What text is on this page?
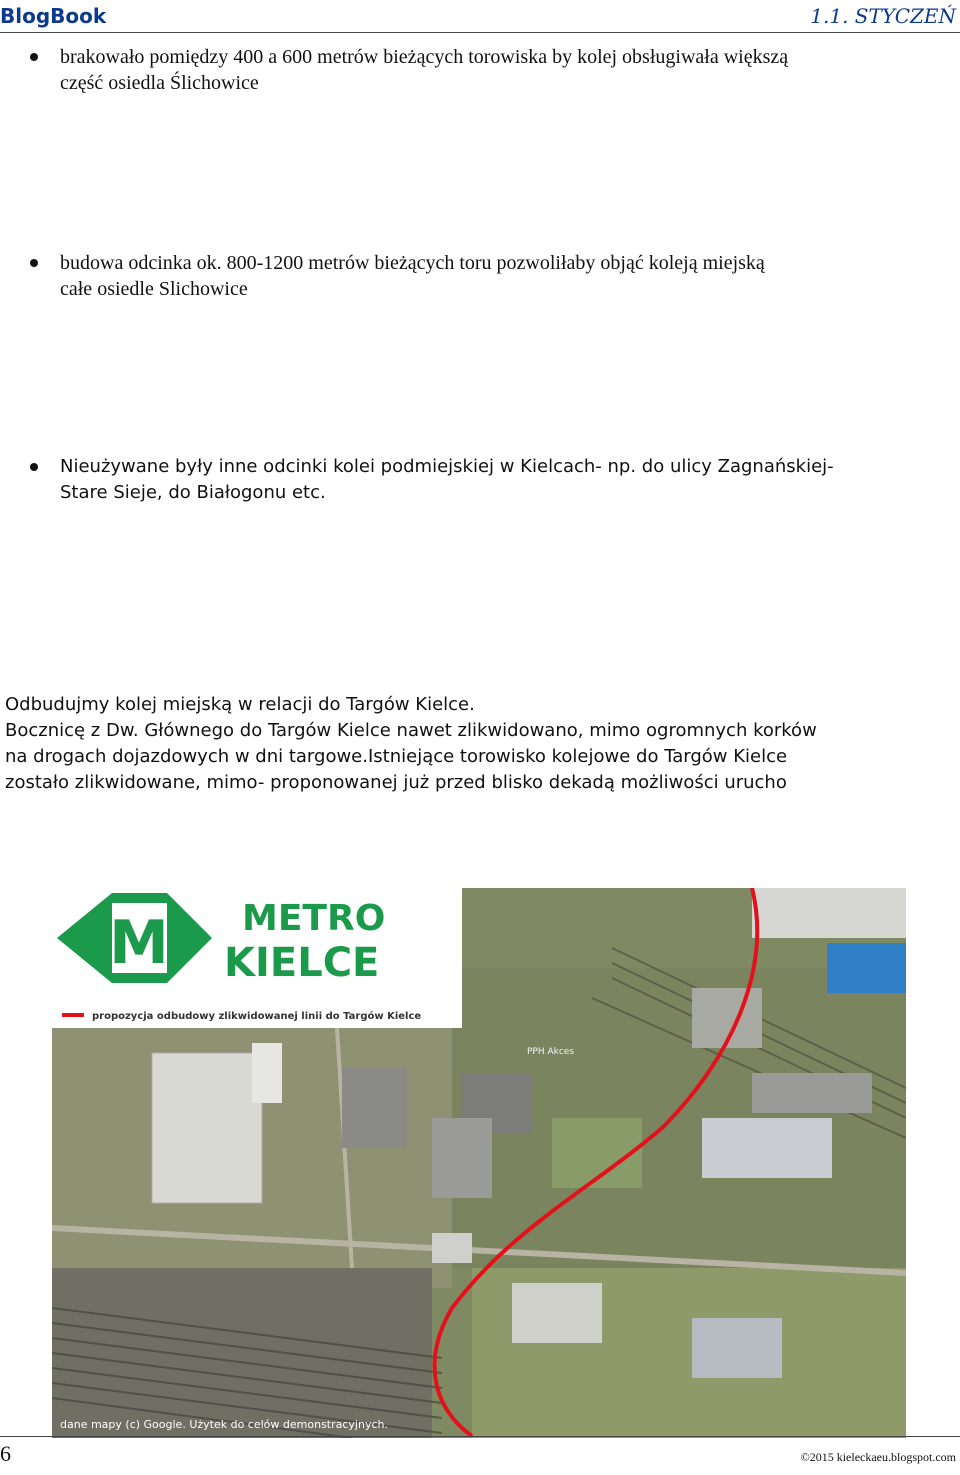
BlogBook	1.1. STYCZEŃ
brakowało pomiędzy 400 a 600 metrów bieżących torowiska by kolej obsługiwała większą
część osiedla Ślichowice
budowa odcinka ok. 800-1200 metrów bieżących toru pozwoliłaby objąć koleją miejską
całe osiedle Slichowice
Nieużywane były inne odcinki kolei podmiejskiej w Kielcach- np. do ulicy Zagnańskiej-
Stare Sieje, do Białogonu etc.
Odbudujmy kolej miejską w relacji do Targów Kielce.
Bocznicę z Dw. Głównego do Targów Kielce nawet zlikwidowano, mimo ogromnych korków
na drogach dojazdowych w dni targowe.Istniejące torowisko kolejowe do Targów Kielce
zostało zlikwidowane, mimo- proponowanej już przed blisko dekadą możliwości urucho
M METRO
KIELCE
propozycja odbudowy zlikwidowanej linii do Targów Kielce
PPH Akces
dane mapy (c) Google. Użytek do celów demonstracyjnych.
6	©2015 kieleckaeu.blogspot.com
